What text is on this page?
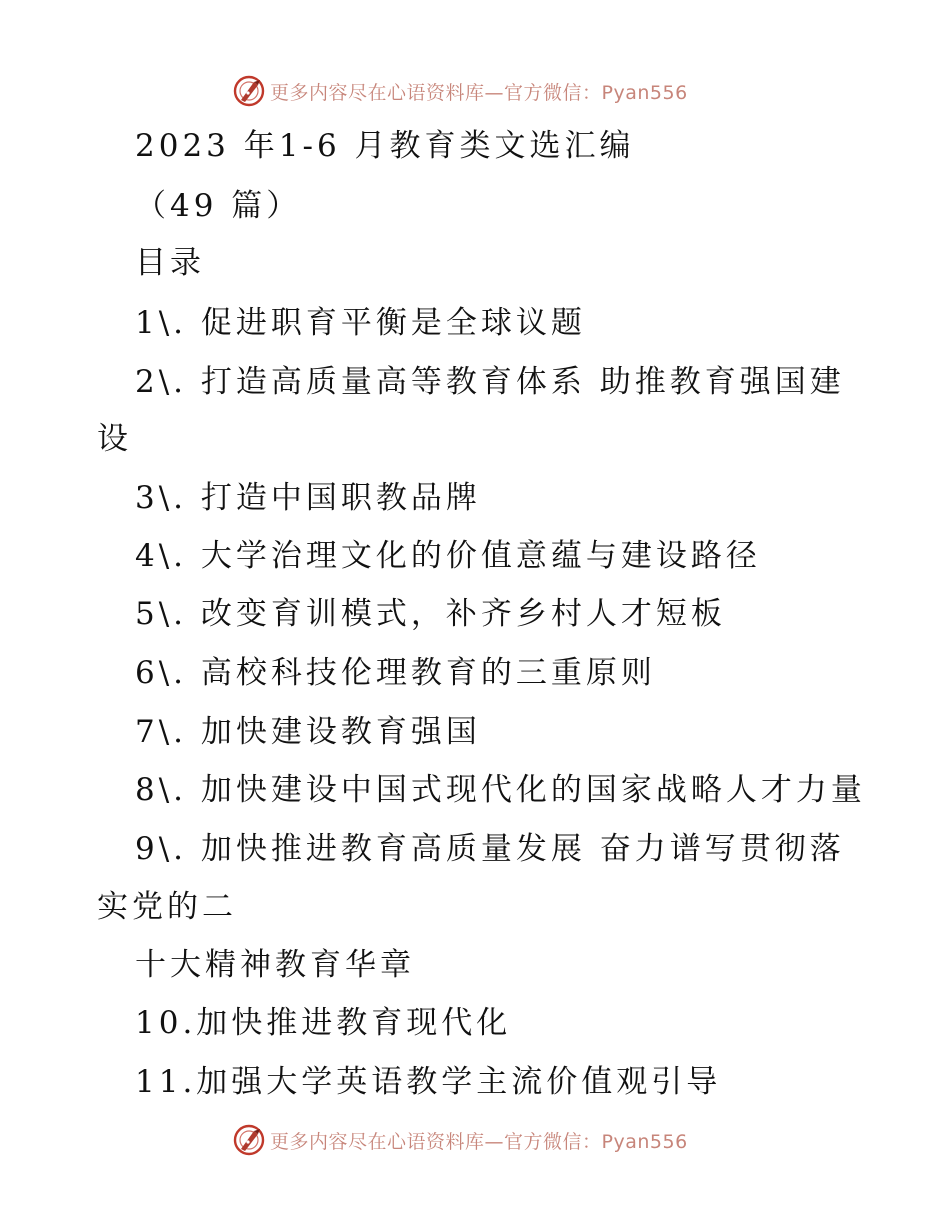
更多内容尽在心语资料库—官方微信：Pyan556
2023 年1-6 月教育类文选汇编
（49 篇）
目录
1\. 促进职育平衡是全球议题
2\. 打造高质量高等教育体系 助推教育强国建
设
3\. 打造中国职教品牌
4\. 大学治理文化的价值意蕴与建设路径
5\. 改变育训模式，补齐乡村人才短板
6\. 高校科技伦理教育的三重原则
7\. 加快建设教育强国
8\. 加快建设中国式现代化的国家战略人才力量
9\. 加快推进教育高质量发展 奋力谱写贯彻落
实党的二
十大精神教育华章
10.加快推进教育现代化
11.加强大学英语教学主流价值观引导
更多内容尽在心语资料库—官方微信：Pyan556
